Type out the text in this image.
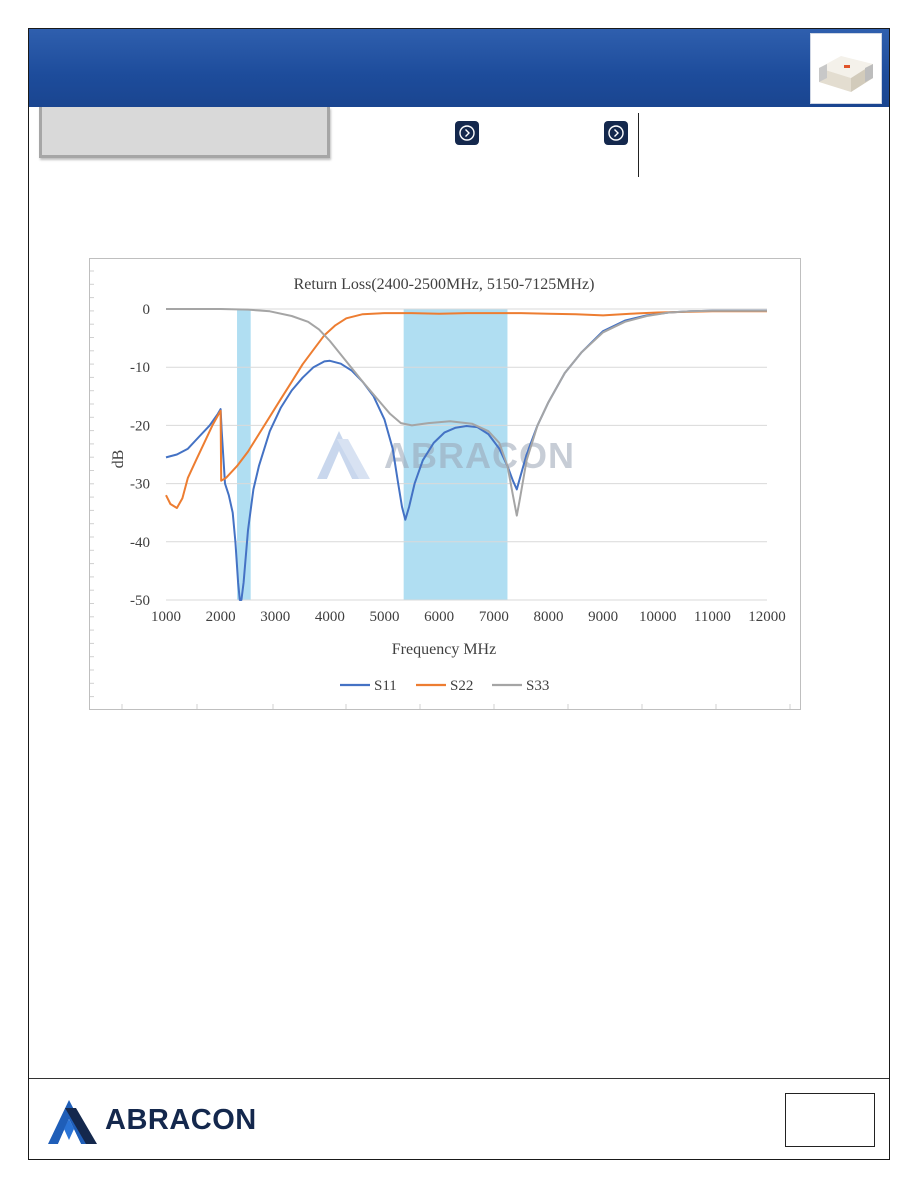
ABRACON
0
-10
-20
-30
-40
-50
1000 2000 3000 4000 5000 6000 7000 8000 9000 10000 11000 12000
Return Loss(2400-2500MHz, 5150-7125MHz)
Frequency MHz
dB
S11	S22	S33
ABRACON
